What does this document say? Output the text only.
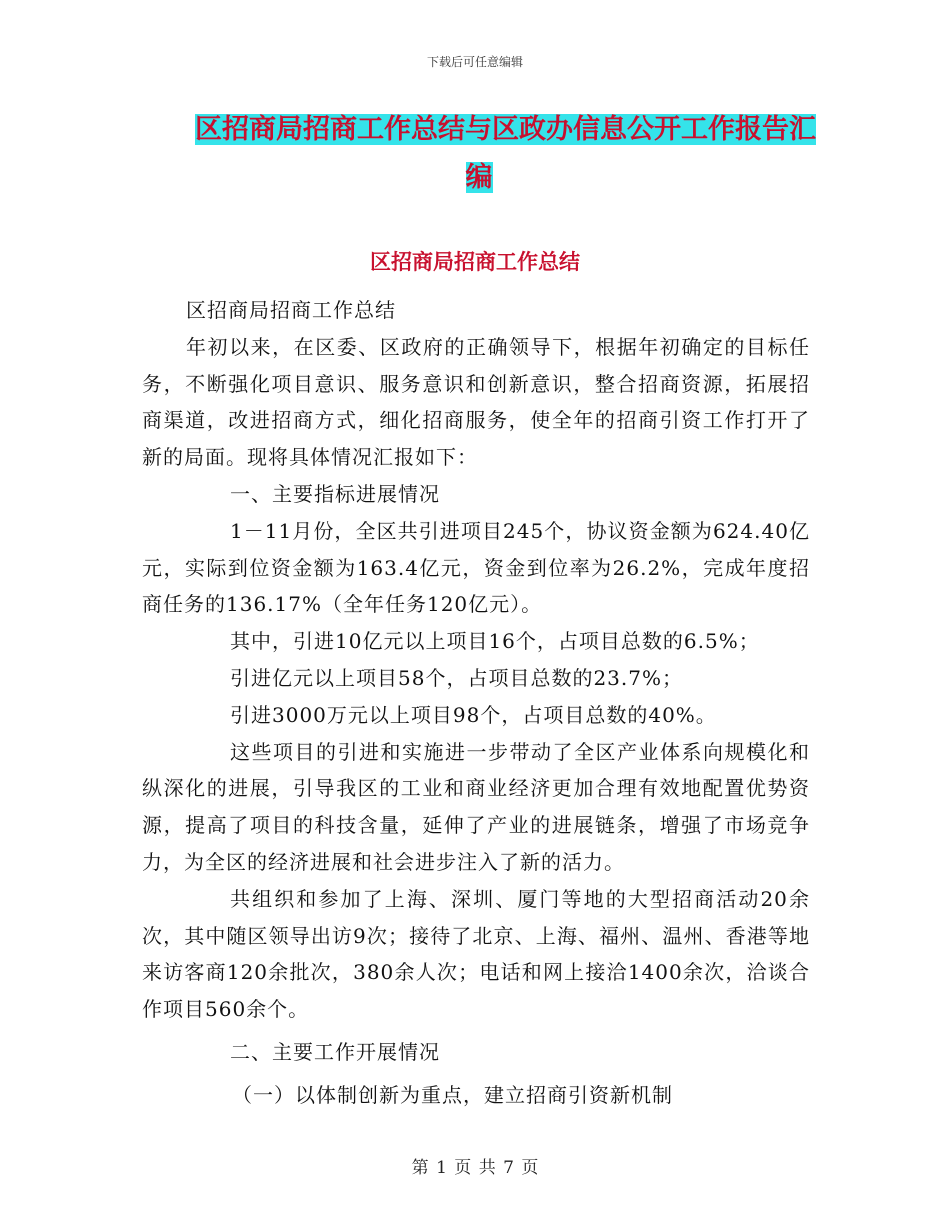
下载后可任意编辑
区招商局招商工作总结与区政办信息公开工作报告汇
编
区招商局招商工作总结

区招商局招商工作总结

年初以来，在区委、区政府的正确领导下，根据年初确定的目标任务，不断强化项目意识、服务意识和创新意识，整合招商资源，拓展招商渠道，改进招商方式，细化招商服务，使全年的招商引资工作打开了新的局面。现将具体情况汇报如下：

一、主要指标进展情况

1－11月份，全区共引进项目245个，协议资金额为624.40亿元，实际到位资金额为163.4亿元，资金到位率为26.2%，完成年度招商任务的136.17%（全年任务120亿元）。

其中，引进10亿元以上项目16个，占项目总数的6.5%；

引进亿元以上项目58个，占项目总数的23.7%；

引进3000万元以上项目98个，占项目总数的40%。

这些项目的引进和实施进一步带动了全区产业体系向规模化和纵深化的进展，引导我区的工业和商业经济更加合理有效地配置优势资源，提高了项目的科技含量，延伸了产业的进展链条，增强了市场竞争力，为全区的经济进展和社会进步注入了新的活力。

共组织和参加了上海、深圳、厦门等地的大型招商活动20余次，其中随区领导出访9次；接待了北京、上海、福州、温州、香港等地来访客商120余批次，380余人次；电话和网上接洽1400余次，洽谈合作项目560余个。

二、主要工作开展情况

（一）以体制创新为重点，建立招商引资新机制

第 1 页 共 7 页
